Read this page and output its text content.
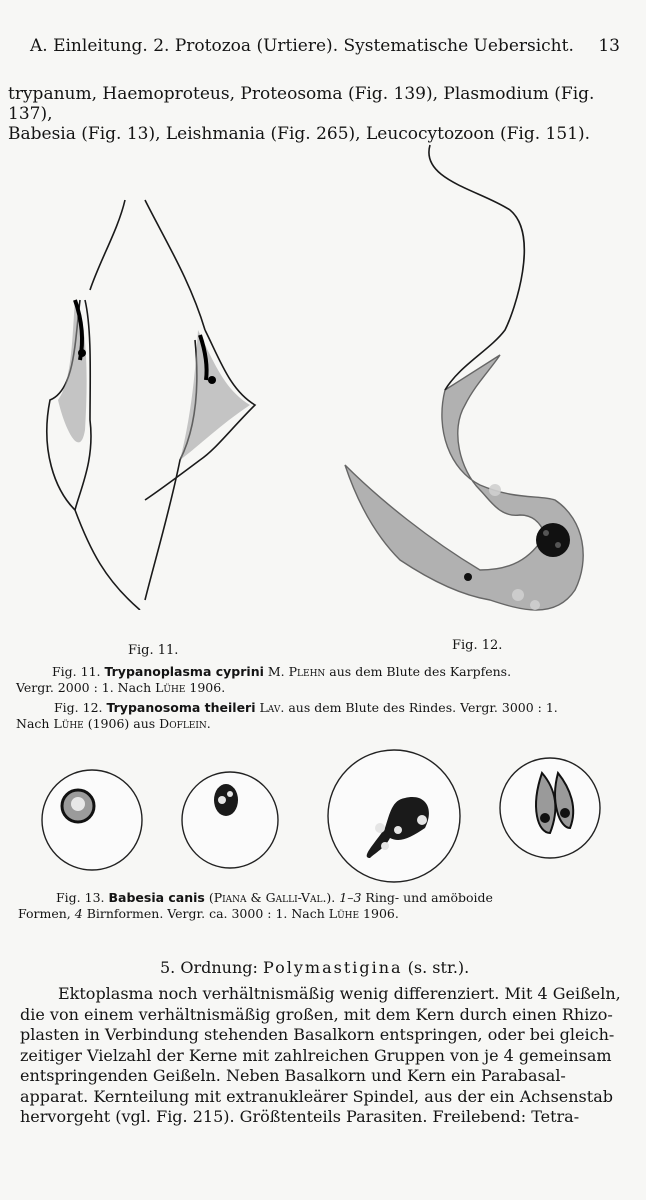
A. Einleitung. 2. Protozoa (Urtiere). Systematische Uebersicht. 13
trypanum, Haemoproteus, Proteosoma (Fig. 139), Plasmodium (Fig. 137),
Babesia (Fig. 13), Leishmania (Fig. 265), Leucocytozoon (Fig. 151).
Fig. 11.	Fig. 12.
Fig. 11. Trypanoplasma cyprini M. Plehn aus dem Blute des Karpfens.
Vergr. 2000 : 1. Nach Lühe 1906.
Fig. 12. Trypanosoma theileri Lav. aus dem Blute des Rindes. Vergr. 3000 : 1.
Nach Lühe (1906) aus Doflein.
Fig. 13. Babesia canis (Piana & Galli-Val.). 1–3 Ring- und amöboide
Formen, 4 Birnformen. Vergr. ca. 3000 : 1. Nach Lühe 1906.
5. Ordnung: Polymastigina (s. str.).
Ektoplasma noch verhältnismäßig wenig differenziert. Mit 4 Geißeln,
die von einem verhältnismäßig großen, mit dem Kern durch einen Rhizo-
plasten in Verbindung stehenden Basalkorn entspringen, oder bei gleich-
zeitiger Vielzahl der Kerne mit zahlreichen Gruppen von je 4 gemeinsam
entspringenden Geißeln. Neben Basalkorn und Kern ein Parabasal-
apparat. Kernteilung mit extranukleärer Spindel, aus der ein Achsenstab
hervorgeht (vgl. Fig. 215). Größtenteils Parasiten. Freilebend: Tetra-
